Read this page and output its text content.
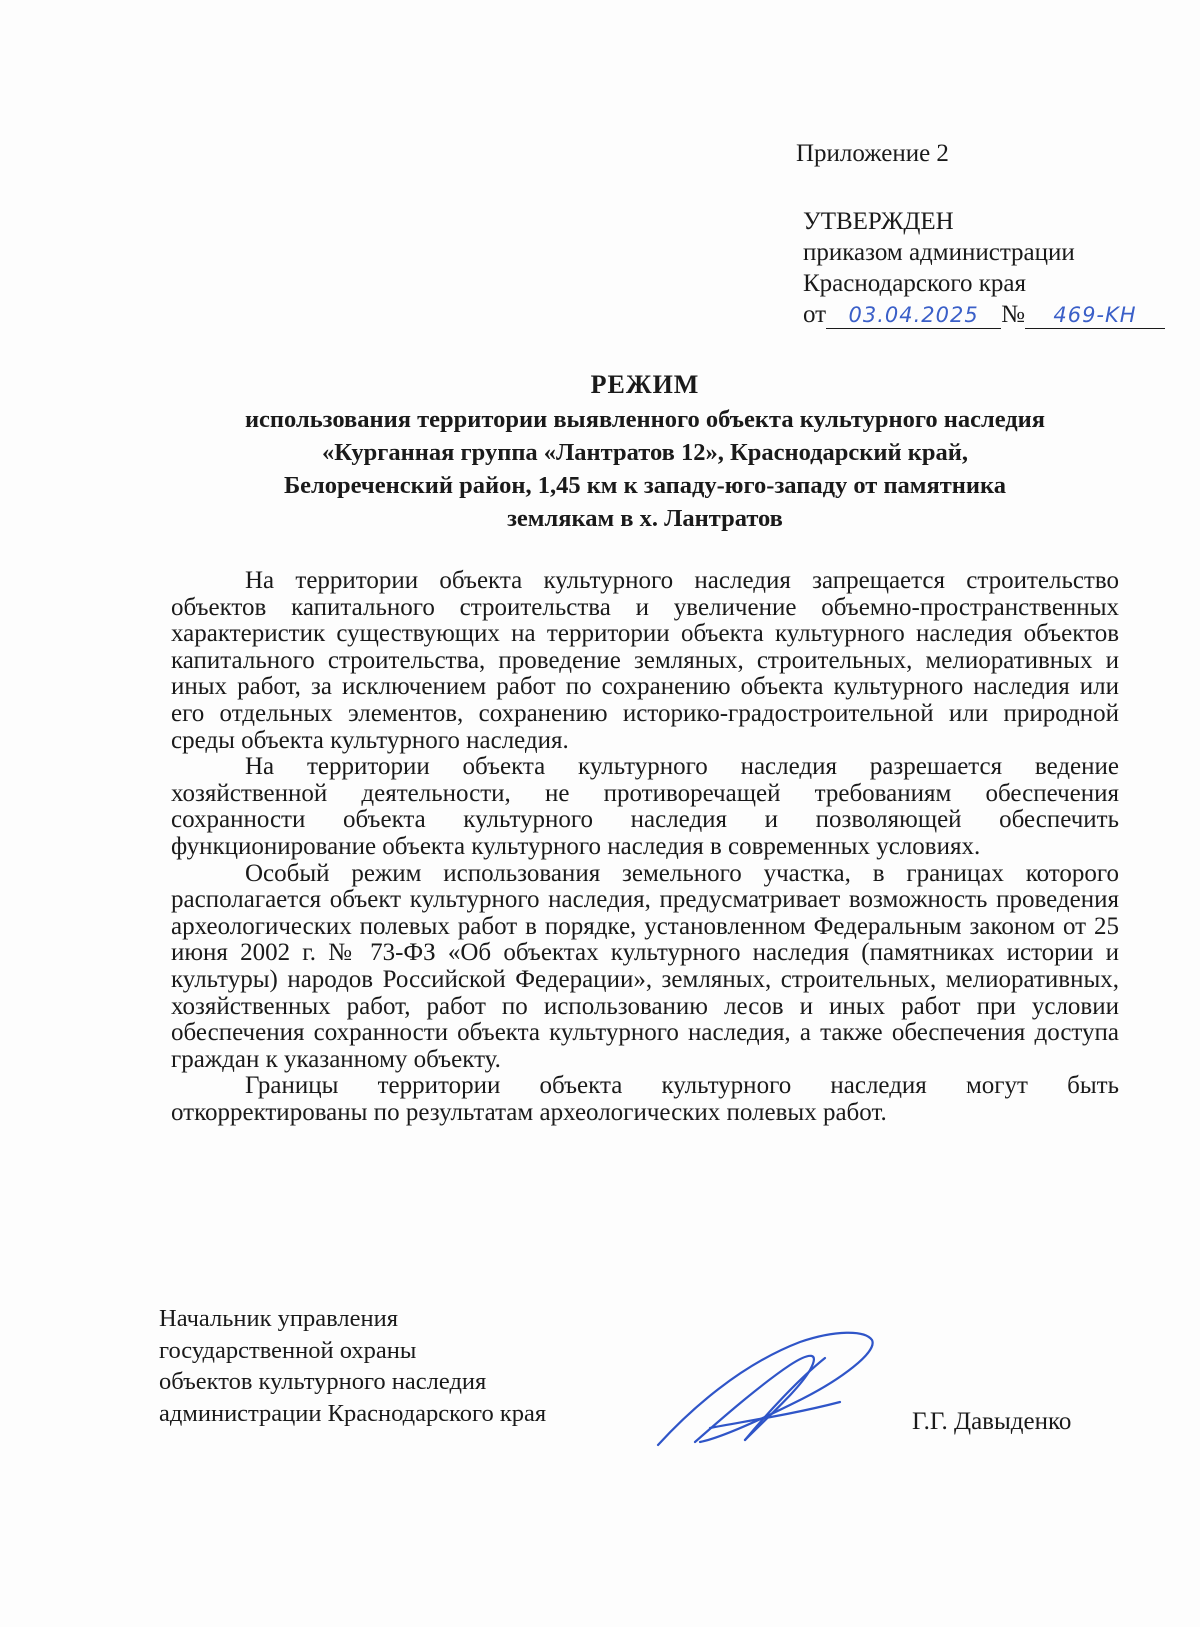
Приложение 2
УТВЕРЖДЕН
приказом администрации
Краснодарского края
от 03.04.2025 № 469-KH
РЕЖИМ
использования территории выявленного объекта культурного наследия
«Курганная группа «Лантратов 12», Краснодарский край,
Белореченский район, 1,45 км к западу-юго-западу от памятника
землякам в х. Лантратов

На территории объекта культурного наследия запрещается строительство объектов капитального строительства и увеличение объемно-пространственных характеристик существующих на территории объекта культурного наследия объектов капитального строительства, проведение земляных, строительных, мелиоративных и иных работ, за исключением работ по сохранению объекта культурного наследия или его отдельных элементов, сохранению историко-градостроительной или природной среды объекта культурного наследия.

На территории объекта культурного наследия разрешается ведение хозяйственной деятельности, не противоречащей требованиям обеспечения сохранности объекта культурного наследия и позволяющей обеспечить функционирование объекта культурного наследия в современных условиях.

Особый режим использования земельного участка, в границах которого располагается объект культурного наследия, предусматривает возможность проведения археологических полевых работ в порядке, установленном Федеральным законом от 25 июня 2002 г. № 73-ФЗ «Об объектах культурного наследия (памятниках истории и культуры) народов Российской Федерации», земляных, строительных, мелиоративных, хозяйственных работ, работ по использованию лесов и иных работ при условии обеспечения сохранности объекта культурного наследия, а также обеспечения доступа граждан к указанному объекту.

Границы территории объекта культурного наследия могут быть откорректированы по результатам археологических полевых работ.

Начальник управления
государственной охраны
объектов культурного наследия
администрации Краснодарского края	Г.Г. Давыденко
